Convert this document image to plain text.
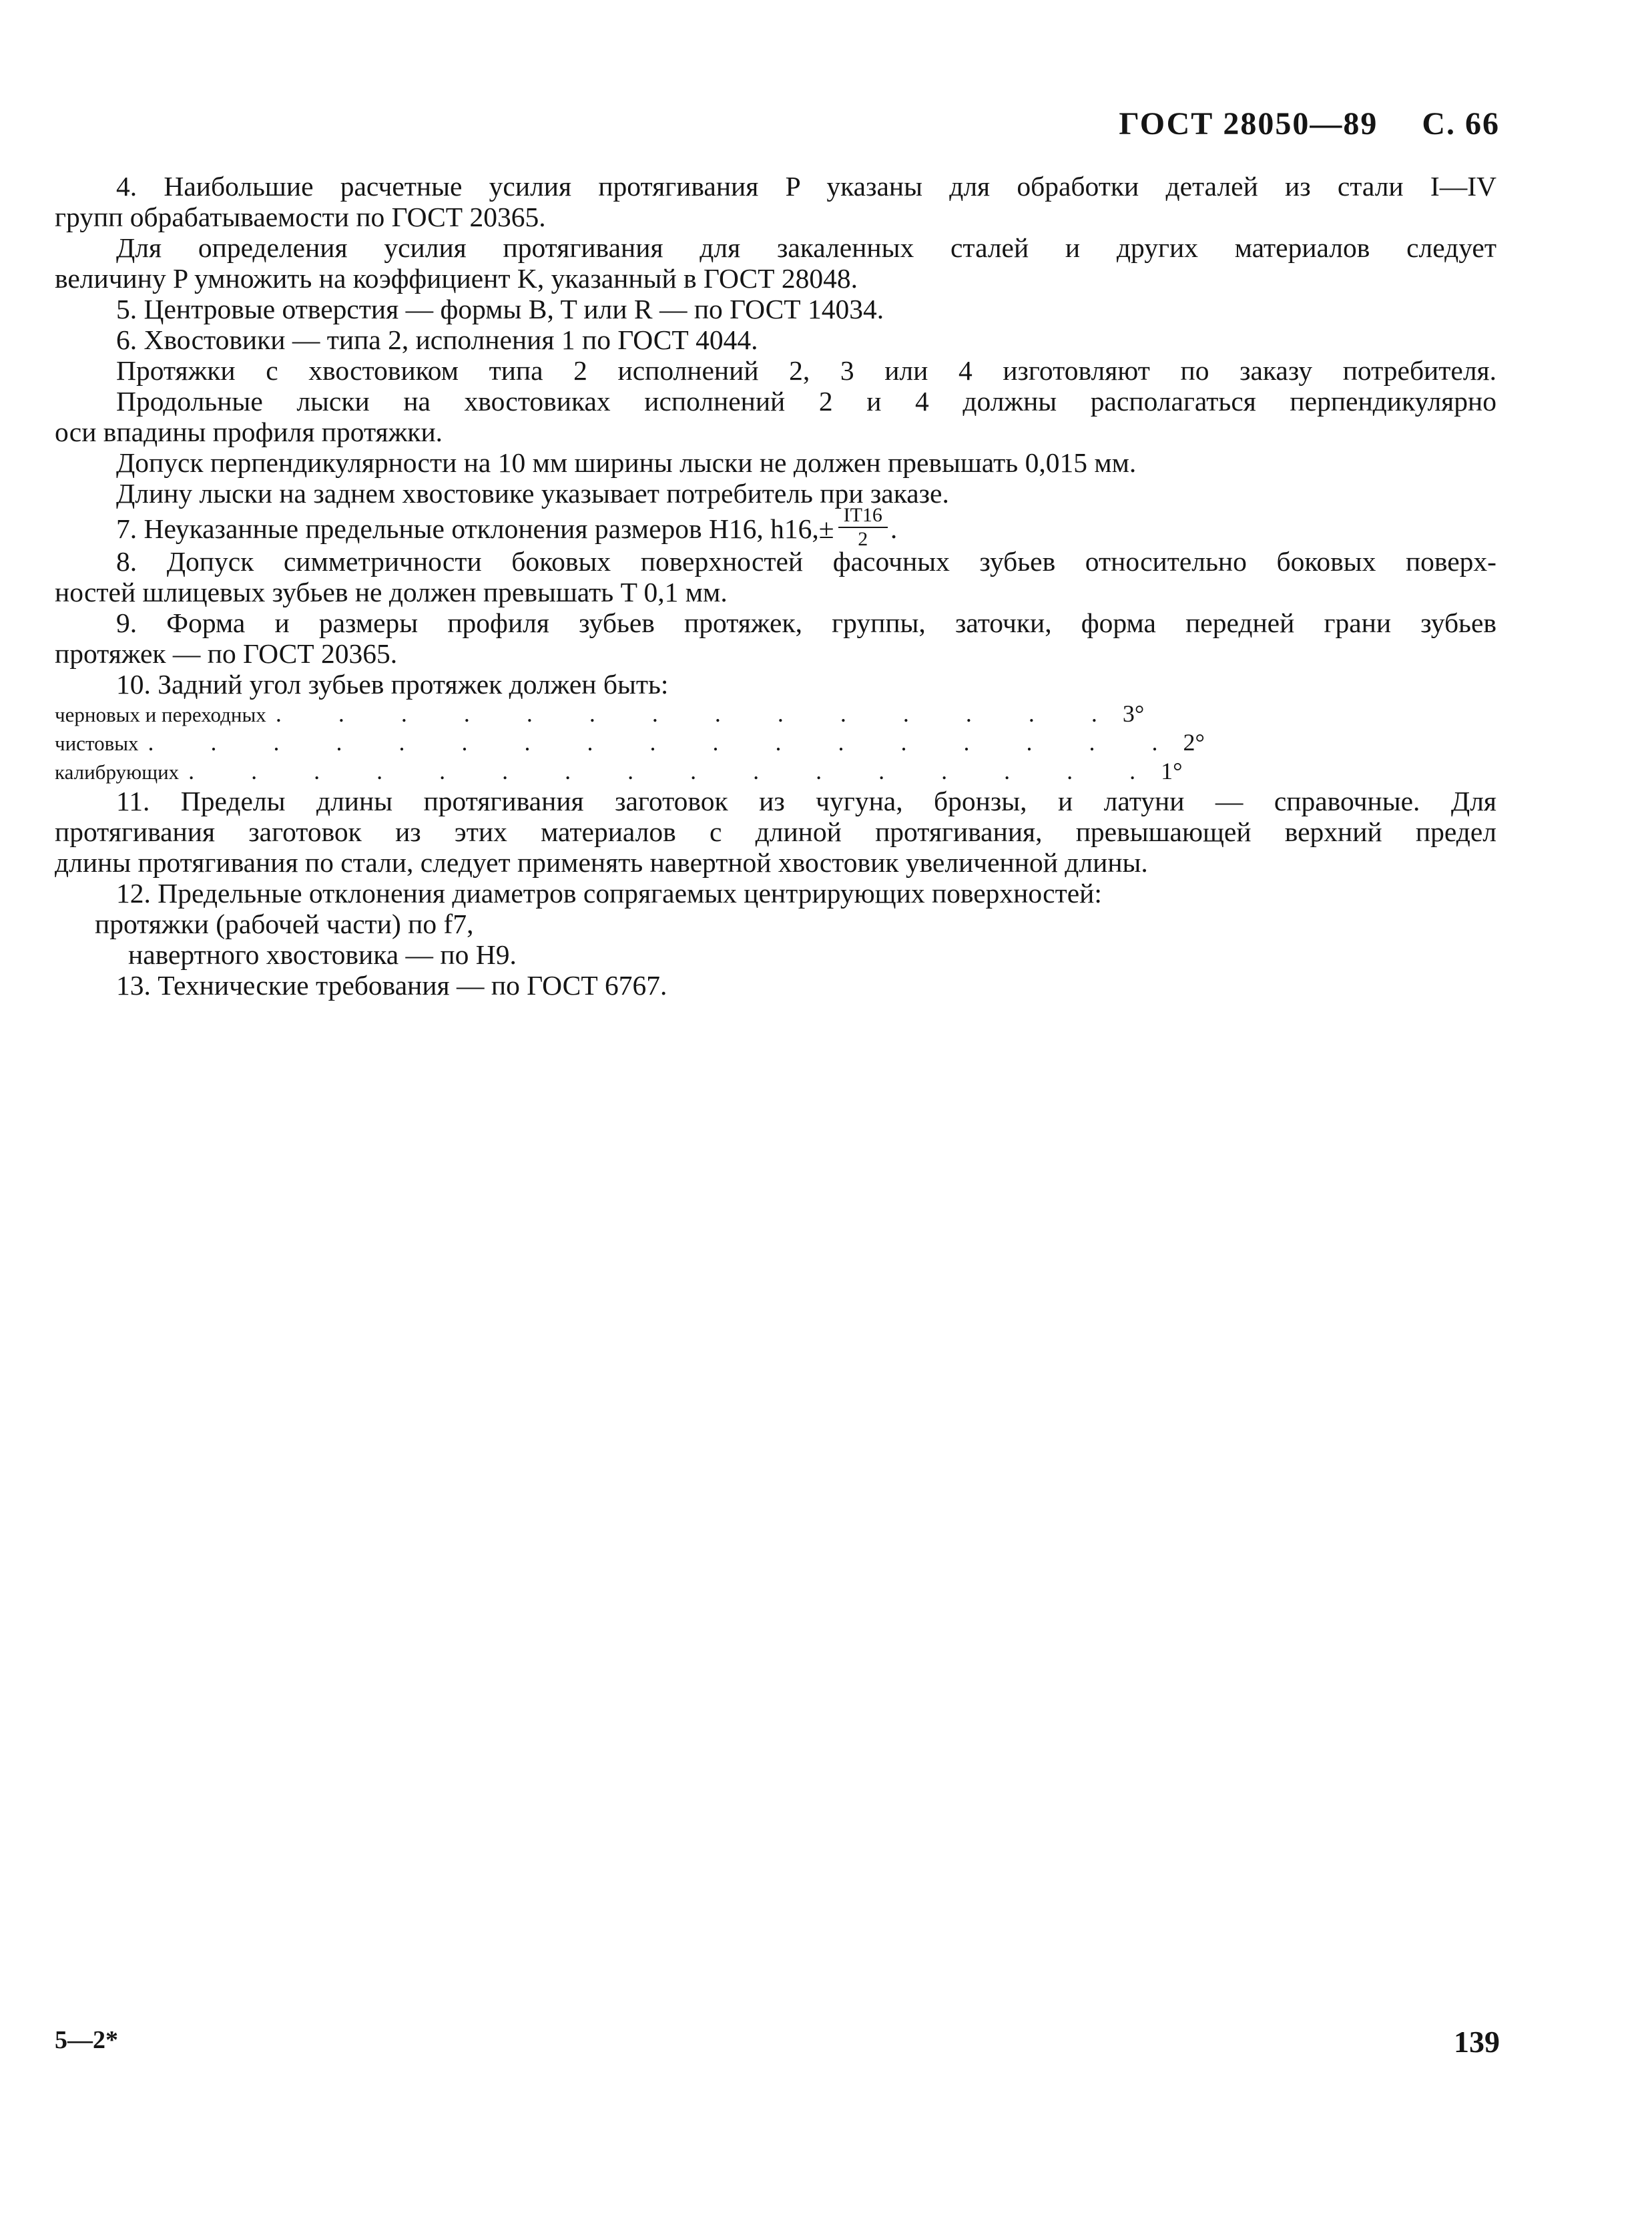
ГОСТ 28050—89 С. 66
4. Наибольшие расчетные усилия протягивания P указаны для обработки деталей из стали I—IV
групп обрабатываемости по ГОСТ 20365.
Для определения усилия протягивания для закаленных сталей и других материалов следует
величину P умножить на коэффициент K, указанный в ГОСТ 28048.
5. Центровые отверстия — формы B, T или R — по ГОСТ 14034.
6. Хвостовики — типа 2, исполнения 1 по ГОСТ 4044.
Протяжки с хвостовиком типа 2 исполнений 2, 3 или 4 изготовляют по заказу потребителя.
Продольные лыски на хвостовиках исполнений 2 и 4 должны располагаться перпендикулярно
оси впадины профиля протяжки.
Допуск перпендикулярности на 10 мм ширины лыски не должен превышать 0,015 мм.
Длину лыски на заднем хвостовике указывает потребитель при заказе.
7. Неуказанные предельные отклонения размеров H16, $h16,\pm \frac{IT16}{2}$ .
8. Допуск симметричности боковых поверхностей фасочных зубьев относительно боковых поверх-
ностей шлицевых зубьев не должен превышать T 0,1 мм.
9. Форма и размеры профиля зубьев протяжек, группы, заточки, форма передней грани зубьев
протяжек — по ГОСТ 20365.
10. Задний угол зубьев протяжек должен быть:
черновых и переходных . . . . . . . . . . . . . . 3°
чистовых . . . . . . . . . . . . . . . . . 2°
калибрующих . . . . . . . . . . . . . . . . 1°
11. Пределы длины протягивания заготовок из чугуна, бронзы, и латуни — справочные. Для
протягивания заготовок из этих материалов с длиной протягивания, превышающей верхний предел
длины протягивания по стали, следует применять навертной хвостовик увеличенной длины.
12. Предельные отклонения диаметров сопрягаемых центрирующих поверхностей:
протяжки (рабочей части) по f7,
навертного хвостовика — по H9.
13. Технические требования — по ГОСТ 6767.
5—2*	139
